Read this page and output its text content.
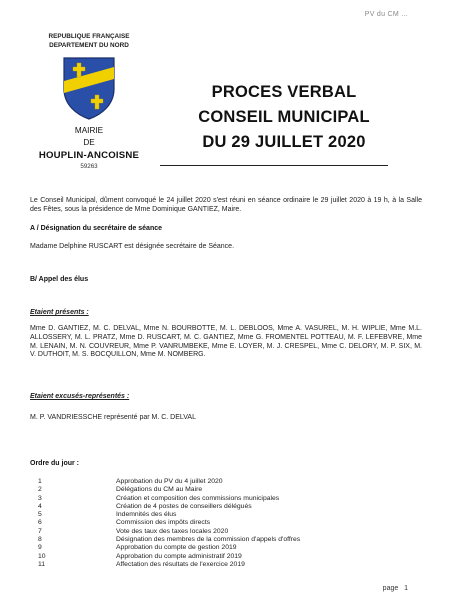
PV du CM ...
REPUBLIQUE FRANÇAISE
DEPARTEMENT DU NORD
MAIRIE
DE
HOUPLIN-ANCOISNE
59263
PROCES VERBAL
CONSEIL MUNICIPAL
DU 29 JUILLET 2020
Le Conseil Municipal, dûment convoqué le 24 juillet 2020 s'est réuni en séance ordinaire le 29 juillet 2020 à 19 h, à la Salle des Fêtes, sous la présidence de Mme Dominique GANTIEZ, Maire.
A / Désignation du secrétaire de séance
Madame Delphine RUSCART est désignée secrétaire de Séance.
B/ Appel des élus
Etaient présents :
Mme D. GANTIEZ, M. C. DELVAL, Mme N. BOURBOTTE, M. L. DEBLOOS, Mme A. VASUREL, M. H. WIPLIE, Mme M.L. ALLOSSERY, M. L. PRATZ, Mme D. RUSCART, M. C. GANTIEZ, Mme G. FROMENTEL POTTEAU, M. F. LEFEBVRE, Mme M. LENAIN, M. N. COUVREUR, Mme P. VANRUMBEKE, Mme E. LOYER, M. J. CRESPEL, Mme C. DELORY, M. P. SIX, M. V. DUTHOIT, M. S. BOCQUILLON, Mme M. NOMBERG.
Etaient excusés-représentés :
M. P. VANDRIESSCHE représenté par M. C. DELVAL
Ordre du jour :
1	Approbation du PV du 4 juillet 2020
2	Délégations du CM au Maire
3	Création et composition des commissions municipales
4	Création de 4 postes de conseillers délégués
5	Indemnités des élus
6	Commission des impôts directs
7	Vote des taux des taxes locales 2020
8	Désignation des membres de la commission d'appels d'offres
9	Approbation du compte de gestion 2019
10	Approbation du compte administratif 2019
11	Affectation des résultats de l'exercice 2019
page 1
